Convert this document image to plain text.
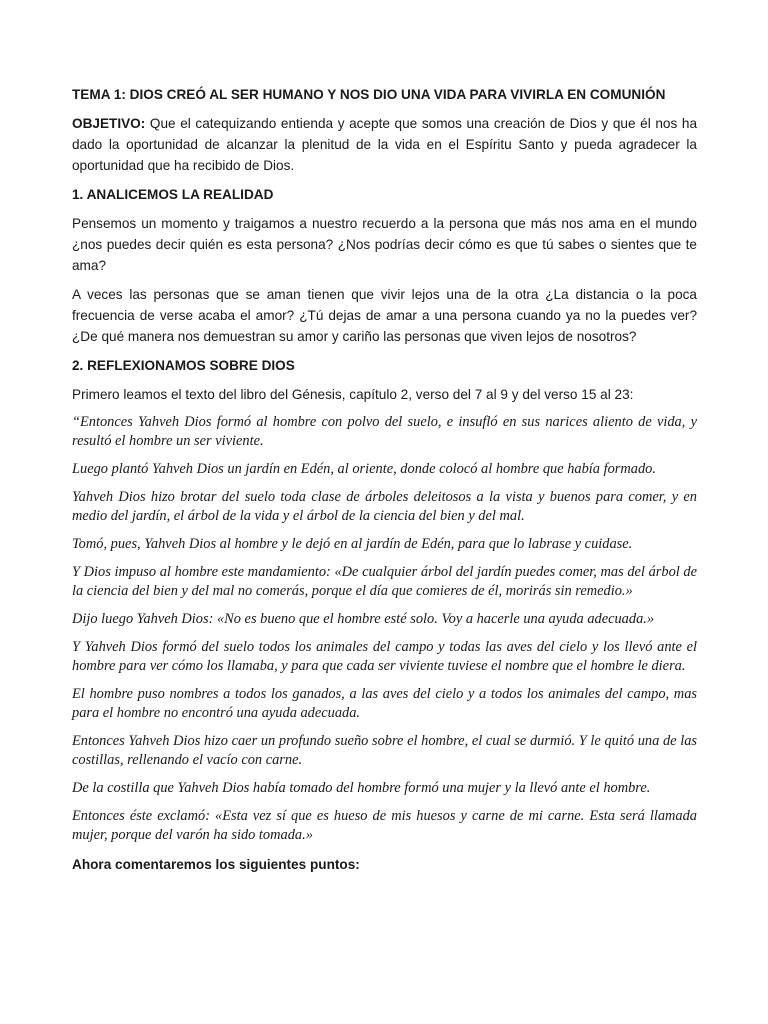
TEMA 1: DIOS CREÓ AL SER HUMANO Y NOS DIO UNA VIDA PARA VIVIRLA EN COMUNIÓN

OBJETIVO: Que el catequizando entienda y acepte que somos una creación de Dios y que él nos ha dado la oportunidad de alcanzar la plenitud de la vida en el Espíritu Santo y pueda agradecer la oportunidad que ha recibido de Dios.

1. ANALICEMOS LA REALIDAD

Pensemos un momento y traigamos a nuestro recuerdo a la persona que más nos ama en el mundo ¿nos puedes decir quién es esta persona? ¿Nos podrías decir cómo es que tú sabes o sientes que te ama?

A veces las personas que se aman tienen que vivir lejos una de la otra ¿La distancia o la poca frecuencia de verse acaba el amor? ¿Tú dejas de amar a una persona cuando ya no la puedes ver? ¿De qué manera nos demuestran su amor y cariño las personas que viven lejos de nosotros?

2. REFLEXIONAMOS SOBRE DIOS

Primero leamos el texto del libro del Génesis, capítulo 2, verso del 7 al 9 y del verso 15 al 23:

“Entonces Yahveh Dios formó al hombre con polvo del suelo, e insufló en sus narices aliento de vida, y resultó el hombre un ser viviente.

Luego plantó Yahveh Dios un jardín en Edén, al oriente, donde colocó al hombre que había formado.

Yahveh Dios hizo brotar del suelo toda clase de árboles deleitosos a la vista y buenos para comer, y en medio del jardín, el árbol de la vida y el árbol de la ciencia del bien y del mal.

Tomó, pues, Yahveh Dios al hombre y le dejó en al jardín de Edén, para que lo labrase y cuidase.

Y Dios impuso al hombre este mandamiento: «De cualquier árbol del jardín puedes comer, mas del árbol de la ciencia del bien y del mal no comerás, porque el día que comieres de él, morirás sin remedio.»

Dijo luego Yahveh Dios: «No es bueno que el hombre esté solo. Voy a hacerle una ayuda adecuada.»

Y Yahveh Dios formó del suelo todos los animales del campo y todas las aves del cielo y los llevó ante el hombre para ver cómo los llamaba, y para que cada ser viviente tuviese el nombre que el hombre le diera.

El hombre puso nombres a todos los ganados, a las aves del cielo y a todos los animales del campo, mas para el hombre no encontró una ayuda adecuada.

Entonces Yahveh Dios hizo caer un profundo sueño sobre el hombre, el cual se durmió. Y le quitó una de las costillas, rellenando el vacío con carne.

De la costilla que Yahveh Dios había tomado del hombre formó una mujer y la llevó ante el hombre.

Entonces éste exclamó: «Esta vez sí que es hueso de mis huesos y carne de mi carne. Esta será llamada mujer, porque del varón ha sido tomada.»

Ahora comentaremos los siguientes puntos:
